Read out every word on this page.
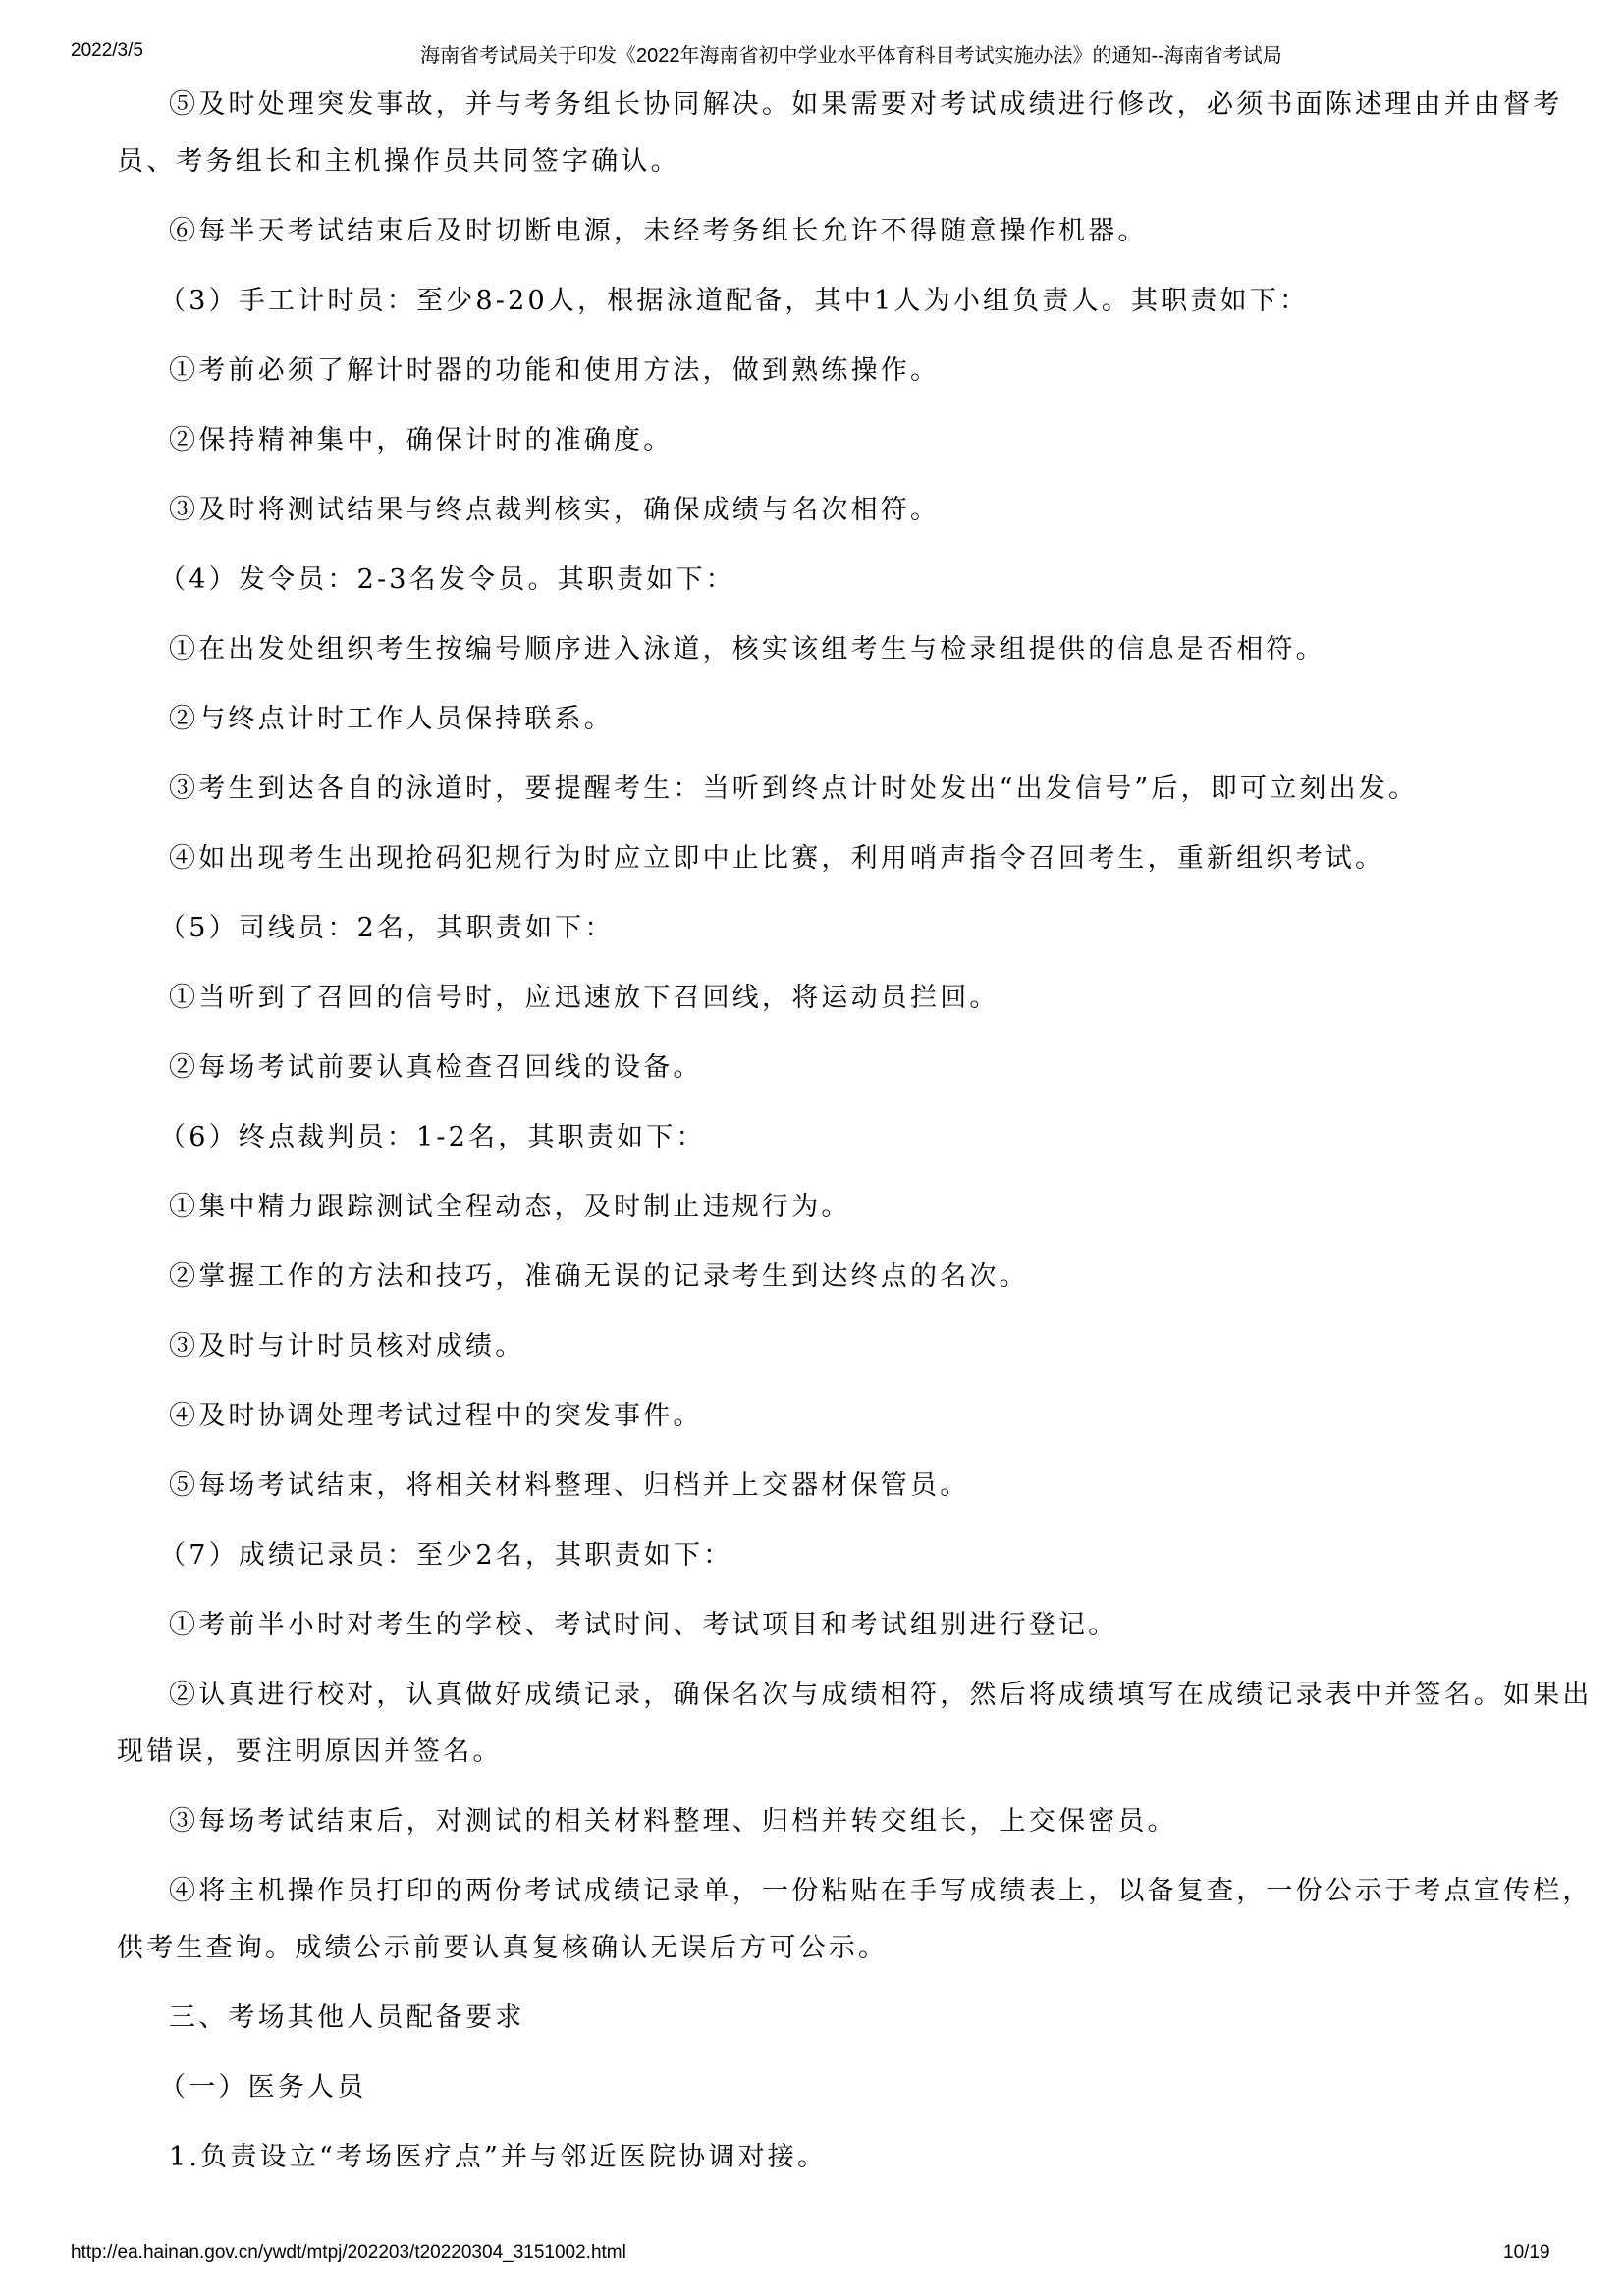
2022/3/5	海南省考试局关于印发《2022年海南省初中学业水平体育科目考试实施办法》的通知--海南省考试局
⑤及时处理突发事故，并与考务组长协同解决。如果需要对考试成绩进行修改，必须书面陈述理由并由督考
员、考务组长和主机操作员共同签字确认。
⑥每半天考试结束后及时切断电源，未经考务组长允许不得随意操作机器。
（3）手工计时员：至少8-20人，根据泳道配备，其中1人为小组负责人。其职责如下：
①考前必须了解计时器的功能和使用方法，做到熟练操作。
②保持精神集中，确保计时的准确度。
③及时将测试结果与终点裁判核实，确保成绩与名次相符。
（4）发令员：2-3名发令员。其职责如下：
①在出发处组织考生按编号顺序进入泳道，核实该组考生与检录组提供的信息是否相符。
②与终点计时工作人员保持联系。
③考生到达各自的泳道时，要提醒考生：当听到终点计时处发出“出发信号”后，即可立刻出发。
④如出现考生出现抢码犯规行为时应立即中止比赛，利用哨声指令召回考生，重新组织考试。
（5）司线员：2名，其职责如下：
①当听到了召回的信号时，应迅速放下召回线，将运动员拦回。
②每场考试前要认真检查召回线的设备。
（6）终点裁判员：1-2名，其职责如下：
①集中精力跟踪测试全程动态，及时制止违规行为。
②掌握工作的方法和技巧，准确无误的记录考生到达终点的名次。
③及时与计时员核对成绩。
④及时协调处理考试过程中的突发事件。
⑤每场考试结束，将相关材料整理、归档并上交器材保管员。
（7）成绩记录员：至少2名，其职责如下：
①考前半小时对考生的学校、考试时间、考试项目和考试组别进行登记。
②认真进行校对，认真做好成绩记录，确保名次与成绩相符，然后将成绩填写在成绩记录表中并签名。如果出
现错误，要注明原因并签名。
③每场考试结束后，对测试的相关材料整理、归档并转交组长，上交保密员。
④将主机操作员打印的两份考试成绩记录单，一份粘贴在手写成绩表上，以备复查，一份公示于考点宣传栏，
供考生查询。成绩公示前要认真复核确认无误后方可公示。
三、考场其他人员配备要求
（一）医务人员
1.负责设立“考场医疗点”并与邻近医院协调对接。
http://ea.hainan.gov.cn/ywdt/mtpj/202203/t20220304_3151002.html	10/19
